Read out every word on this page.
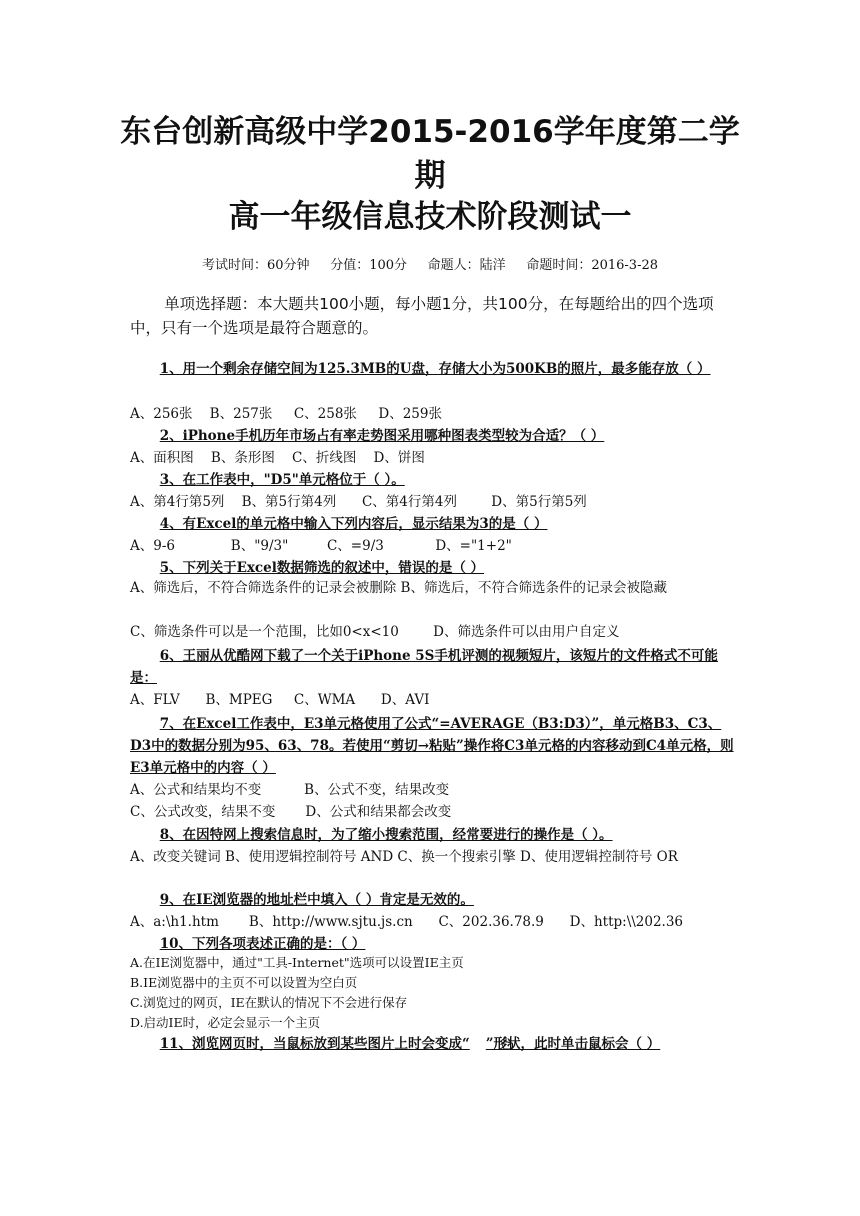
东台创新高级中学2015-2016学年度第二学期
高一年级信息技术阶段测试一

考试时间：60分钟     分值：100分     命题人：陆洋     命题时间：2016-3-28

单项选择题：本大题共100小题，每小题1分，共100分，在每题给出的四个选项中，只有一个选项是最符合题意的。

1、用一个剩余存储空间为125.3MB的U盘，存储大小为500KB的照片，最多能存放（ ）

A、256张    B、257张     C、258张     D、259张

2、iPhone手机历年市场占有率走势图采用哪种图表类型较为合适？（ ）

A、面积图    B、条形图    C、折线图    D、饼图

3、在工作表中，"D5"单元格位于（ ）。

A、第4行第5列    B、第5行第4列      C、第4行第4列        D、第5行第5列

4、有Excel的单元格中输入下列内容后，显示结果为3的是（ ）

A、9-6             B、"9/3"         C、=9/3            D、="1+2"

5、下列关于Excel数据筛选的叙述中，错误的是（ ）

A、筛选后，不符合筛选条件的记录会被删除 B、筛选后，不符合筛选条件的记录会被隐藏

C、筛选条件可以是一个范围，比如0<x<10        D、筛选条件可以由用户自定义

6、王丽从优酷网下载了一个关于iPhone 5S手机评测的视频短片，该短片的文件格式不可能是：

A、FLV      B、MPEG     C、WMA      D、AVI

7、在Excel工作表中，E3单元格使用了公式“=AVERAGE（B3:D3）”，单元格B3、C3、D3中的数据分别为95、63、78。若使用“剪切→粘贴”操作将C3单元格的内容移动到C4单元格，则E3单元格中的内容（ ）

A、公式和结果均不变          B、公式不变，结果改变

C、公式改变，结果不变       D、公式和结果都会改变

8、在因特网上搜索信息时，为了缩小搜索范围，经常要进行的操作是（ ）。

A、改变关键词 B、使用逻辑控制符号 AND C、换一个搜索引擎 D、使用逻辑控制符号 OR

9、在IE浏览器的地址栏中填入（ ）肯定是无效的。

A、a:\h1.htm       B、http://www.sjtu.js.cn      C、202.36.78.9      D、http:\\202.36

10、下列各项表述正确的是：（ ）

A.在IE浏览器中，通过"工具-Internet"选项可以设置IE主页

B.IE浏览器中的主页不可以设置为空白页

C.浏览过的网页，IE在默认的情况下不会进行保存

D.启动IE时，必定会显示一个主页

11、浏览网页时，当鼠标放到某些图片上时会变成“ ”形状，此时单击鼠标会（ ）
